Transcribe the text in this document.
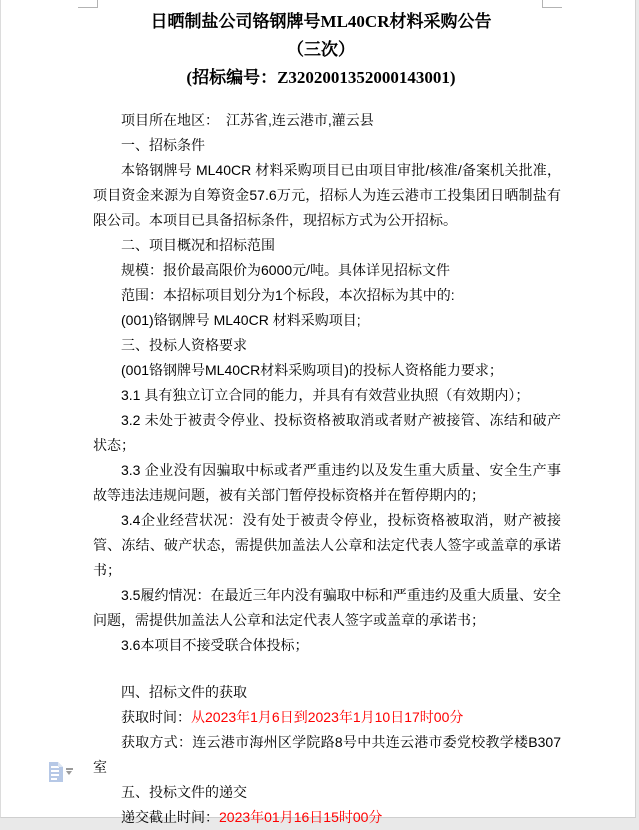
日晒制盐公司铬钢牌号ML40CR材料采购公告
（三次）
(招标编号：Z3202001352000143001)
项目所在地区：　江苏省,连云港市,灌云县
一、招标条件
本铬钢牌号 ML40CR 材料采购项目已由项目审批/核准/备案机关批准，项目资金来源为自筹资金57.6万元，招标人为连云港市工投集团日晒制盐有限公司。本项目已具备招标条件，现招标方式为公开招标。
二、项目概况和招标范围
规模：报价最高限价为6000元/吨。具体详见招标文件
范围：本招标项目划分为1个标段，本次招标为其中的:
(001)铬钢牌号 ML40CR 材料采购项目;
三、投标人资格要求
(001铬钢牌号ML40CR材料采购项目)的投标人资格能力要求；
3.1 具有独立订立合同的能力，并具有有效营业执照（有效期内）；
3.2 未处于被责令停业、投标资格被取消或者财产被接管、冻结和破产状态；
3.3 企业没有因骗取中标或者严重违约以及发生重大质量、安全生产事故等违法违规问题，被有关部门暂停投标资格并在暂停期内的；
3.4企业经营状况：没有处于被责令停业，投标资格被取消，财产被接管、冻结、破产状态，需提供加盖法人公章和法定代表人签字或盖章的承诺书；
3.5履约情况：在最近三年内没有骗取中标和严重违约及重大质量、安全问题，需提供加盖法人公章和法定代表人签字或盖章的承诺书；
3.6本项目不接受联合体投标；
四、招标文件的获取
获取时间：从2023年1月6日到2023年1月10日17时00分
获取方式：连云港市海州区学院路8号中共连云港市委党校教学楼B307室
五、投标文件的递交
递交截止时间：2023年01月16日15时00分
